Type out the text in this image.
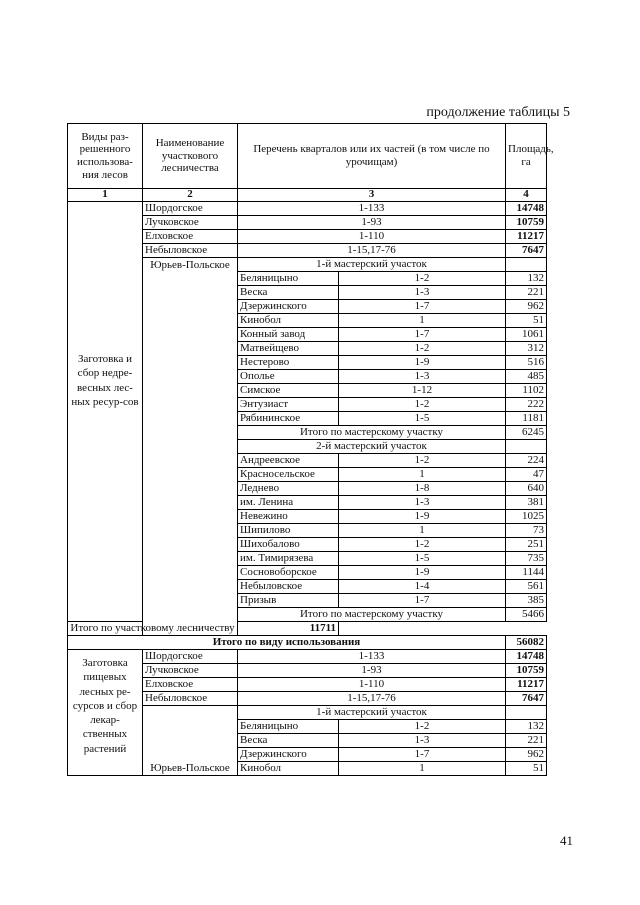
продолжение таблицы 5
Виды раз-решенного использова-ния лесов	Наименование участкового лесничества	Перечень кварталов или их частей (в том числе по урочищам)		Площадь, га
1	2	3		4
Заготовка и сбор недре-весных лес-ных ресур-сов	Шордогское	1-133		14748
	Лучковское	1-93		10759
	Елховское	1-110		11217
	Небыловское	1-15,17-76		7647
	Юрьев-Польское	1-й мастерский участок		
		Беляницыно	1-2	132
		Веска	1-3	221
		Дзержинского	1-7	962
		Кинобол	1	51
		Конный завод	1-7	1061
		Матвейщево	1-2	312
		Нестерово	1-9	516
		Ополье	1-3	485
		Симское	1-12	1102
		Энтузиаст	1-2	222
		Рябининское	1-5	1181
		Итого по мастерскому участку		6245
		2-й мастерский участок		
		Андреевское	1-2	224
		Красносельское	1	47
		Леднево	1-8	640
		им. Ленина	1-3	381
		Невежино	1-9	1025
		Шипилово	1	73
		Шихобалово	1-2	251
		им. Тимирязева	1-5	735
		Сосновоборское	1-9	1144
		Небыловское	1-4	561
		Призыв	1-7	385
		Итого по мастерскому участку		5466
Итого по участковому лесничеству		11711		
Итого по виду использования				56082
Заготовка пищевых лесных ре-сурсов и сбор лекар-ственных растений	Шордогское	1-133		14748
	Лучковское	1-93		10759
	Елховское	1-110		11217
	Небыловское	1-15,17-76		7647
	Юрьев-Польское	1-й мастерский участок		
		Беляницыно	1-2	132
		Веска	1-3	221
		Дзержинского	1-7	962
		Кинобол	1	51
41
